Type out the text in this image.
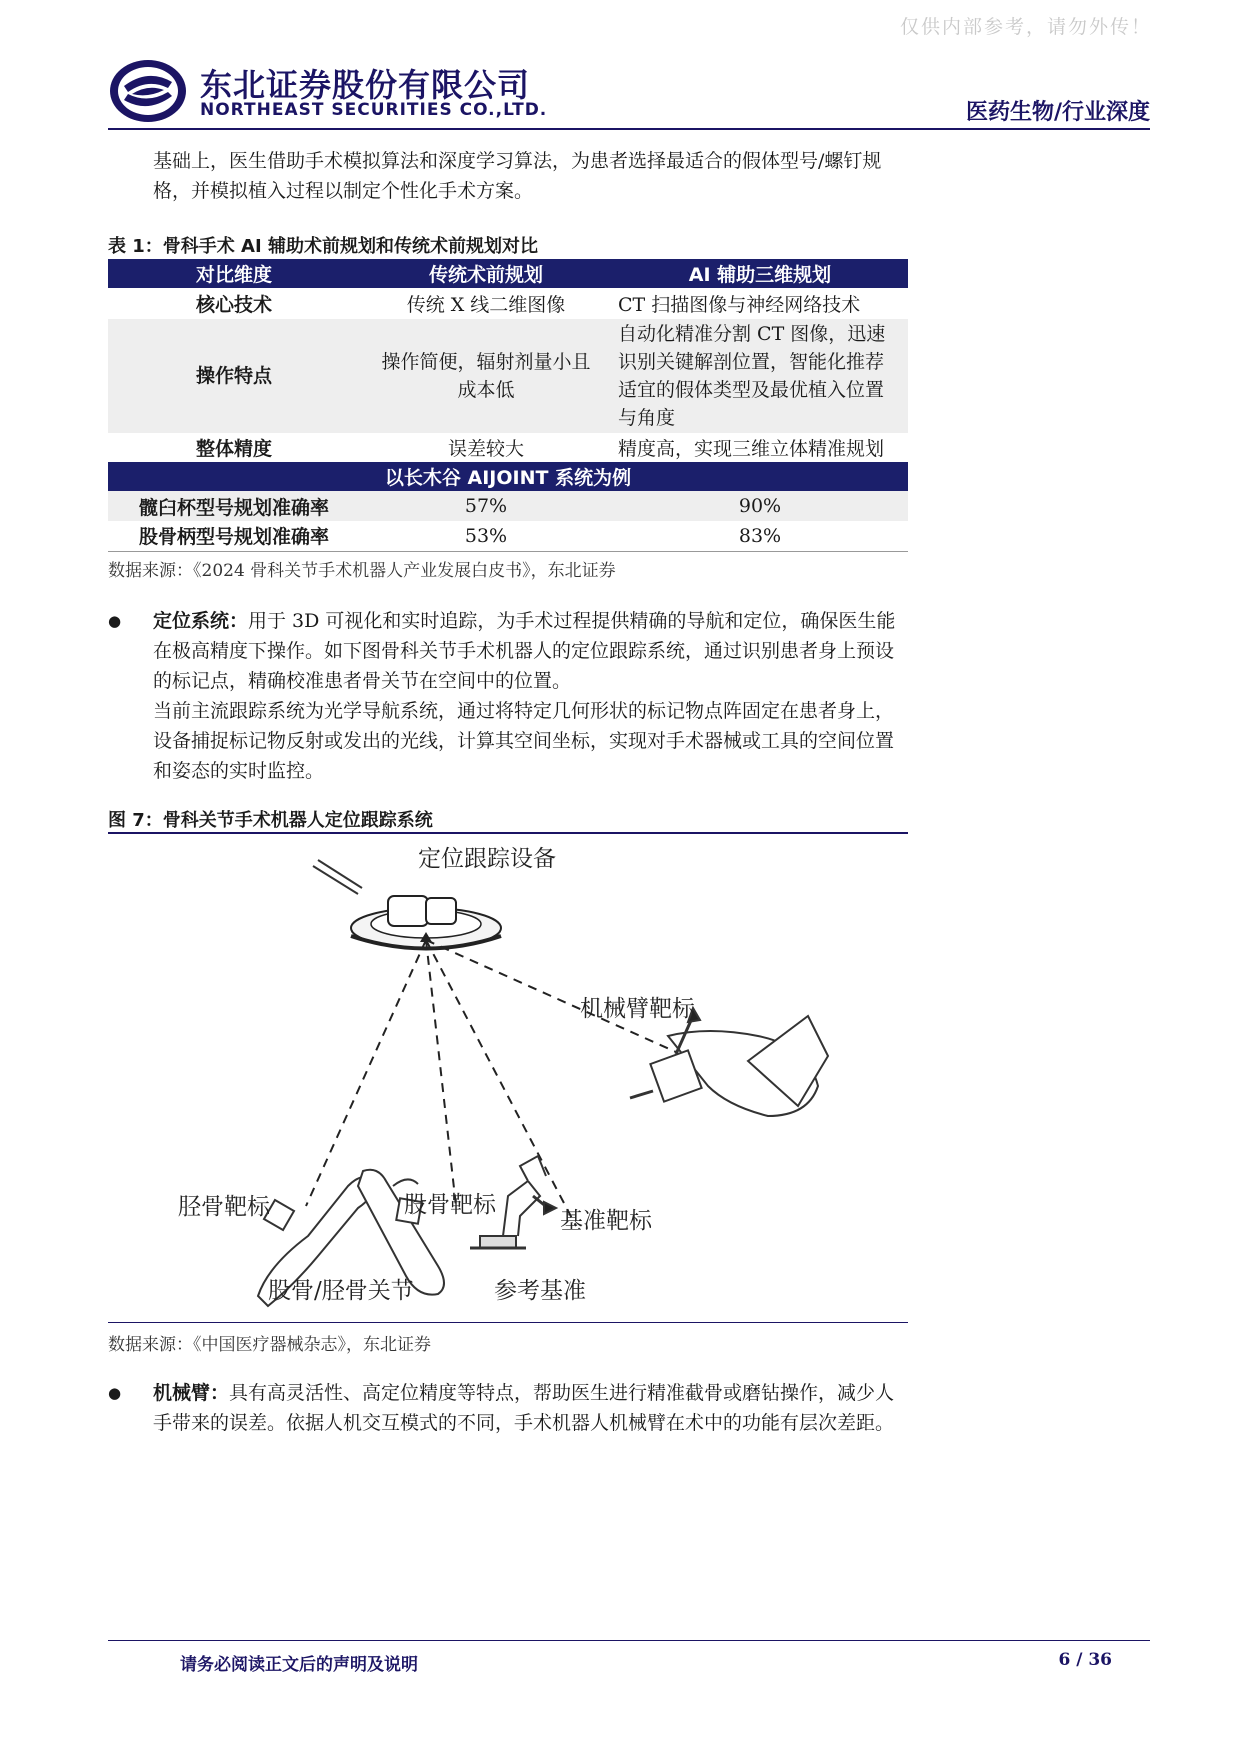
仅供内部参考，请勿外传！
东北证券股份有限公司
NORTHEAST SECURITIES CO.,LTD.	医药生物/行业深度
基础上，医生借助手术模拟算法和深度学习算法，为患者选择最适合的假体型号/螺钉规格，并模拟植入过程以制定个性化手术方案。
表 1：骨科手术 AI 辅助术前规划和传统术前规划对比
对比维度	传统术前规划	AI 辅助三维规划
核心技术	传统 X 线二维图像	CT 扫描图像与神经网络技术
操作特点	操作简便，辐射剂量小且成本低	自动化精准分割 CT 图像，迅速识别关键解剖位置，智能化推荐适宜的假体类型及最优植入位置与角度
整体精度	误差较大	精度高，实现三维立体精准规划
以长木谷 AIJOINT 系统为例		
髋臼杯型号规划准确率	57%	90%
股骨柄型号规划准确率	53%	83%
数据来源：《2024 骨科关节手术机器人产业发展白皮书》，东北证券
● 定位系统：用于 3D 可视化和实时追踪，为手术过程提供精确的导航和定位，确保医生能在极高精度下操作。如下图骨科关节手术机器人的定位跟踪系统，通过识别患者身上预设的标记点，精确校准患者骨关节在空间中的位置。
当前主流跟踪系统为光学导航系统，通过将特定几何形状的标记物点阵固定在患者身上，设备捕捉标记物反射或发出的光线，计算其空间坐标，实现对手术器械或工具的空间位置和姿态的实时监控。
图 7：骨科关节手术机器人定位跟踪系统
定位跟踪设备
机械臂靶标
胫骨靶标	股骨靶标
基准靶标
股骨/胫骨关节	参考基准
数据来源：《中国医疗器械杂志》，东北证券
● 机械臂：具有高灵活性、高定位精度等特点，帮助医生进行精准截骨或磨钻操作，减少人手带来的误差。依据人机交互模式的不同，手术机器人机械臂在术中的功能有层次差距。
请务必阅读正文后的声明及说明	6 / 36
